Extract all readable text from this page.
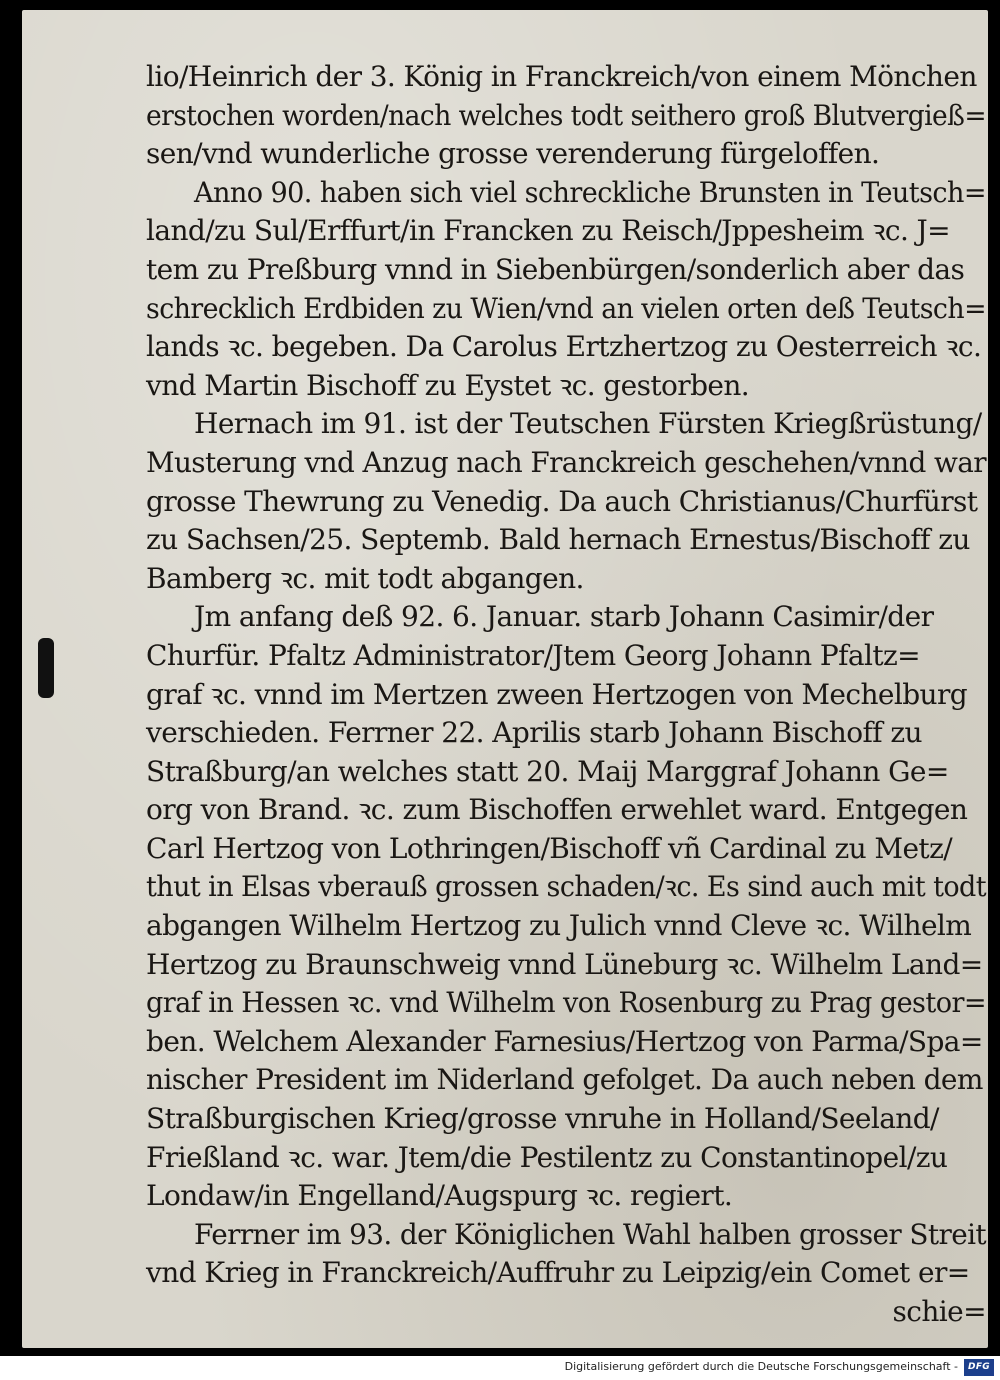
lio/Heinrich der 3. König in Franckreich/von einem Mönchen
erstochen worden/nach welches todt seithero groß Blutvergieß=
sen/vnd wunderliche grosse verenderung fürgeloffen.
Anno 90. haben sich viel schreckliche Brunsten in Teutsch=
land/zu Sul/Erffurt/in Francken zu Reisch/Jppesheim ꝛc. J=
tem zu Preßburg vnnd in Siebenbürgen/sonderlich aber das
schrecklich Erdbiden zu Wien/vnd an vielen orten deß Teutsch=
lands ꝛc. begeben. Da Carolus Ertzhertzog zu Oesterreich ꝛc.
vnd Martin Bischoff zu Eystet ꝛc. gestorben.
Hernach im 91. ist der Teutschen Fürsten Kriegßrüstung/
Musterung vnd Anzug nach Franckreich geschehen/vnnd war
grosse Thewrung zu Venedig. Da auch Christianus/Churfürst
zu Sachsen/25. Septemb. Bald hernach Ernestus/Bischoff zu
Bamberg ꝛc. mit todt abgangen.
Jm anfang deß 92. 6. Januar. starb Johann Casimir/der
Churfür. Pfaltz Administrator/Jtem Georg Johann Pfaltz=
graf ꝛc. vnnd im Mertzen zween Hertzogen von Mechelburg
verschieden. Ferrner 22. Aprilis starb Johann Bischoff zu
Straßburg/an welches statt 20. Maij Marggraf Johann Ge=
org von Brand. ꝛc. zum Bischoffen erwehlet ward. Entgegen
Carl Hertzog von Lothringen/Bischoff vñ Cardinal zu Metz/
thut in Elsas vberauß grossen schaden/ꝛc. Es sind auch mit todt
abgangen Wilhelm Hertzog zu Julich vnnd Cleve ꝛc. Wilhelm
Hertzog zu Braunschweig vnnd Lüneburg ꝛc. Wilhelm Land=
graf in Hessen ꝛc. vnd Wilhelm von Rosenburg zu Prag gestor=
ben. Welchem Alexander Farnesius/Hertzog von Parma/Spa=
nischer President im Niderland gefolget. Da auch neben dem
Straßburgischen Krieg/grosse vnruhe in Holland/Seeland/
Frießland ꝛc. war. Jtem/die Pestilentz zu Constantinopel/zu
Londaw/in Engelland/Augspurg ꝛc. regiert.
Ferrner im 93. der Königlichen Wahl halben grosser Streit
vnd Krieg in Franckreich/Auffruhr zu Leipzig/ein Comet er=
schie=
Digitalisierung gefördert durch die Deutsche Forschungsgemeinschaft -	DFG
